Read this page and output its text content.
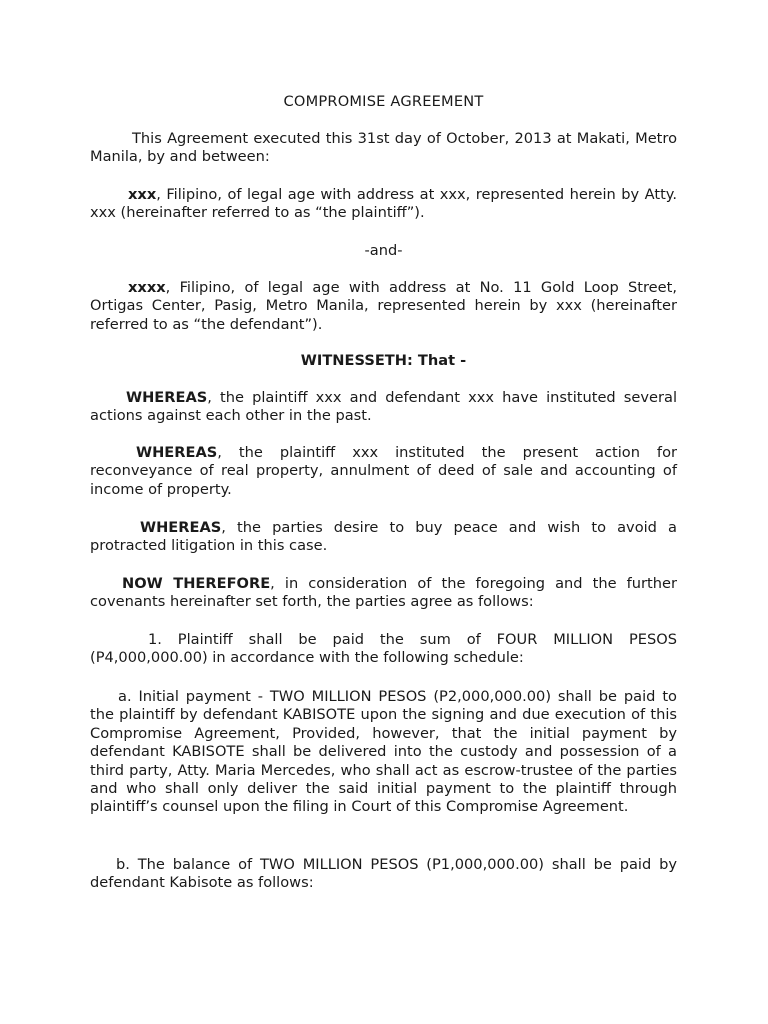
COMPROMISE AGREEMENT

This Agreement executed this 31st day of October, 2013 at Makati, Metro Manila, by and between:

xxx, Filipino, of legal age with address at xxx, represented herein by Atty. xxx (hereinafter referred to as “the plaintiff”).

-and-

xxxx, Filipino, of legal age with address at No. 11 Gold Loop Street, Ortigas Center, Pasig, Metro Manila, represented herein by xxx (hereinafter referred to as “the defendant”).

WITNESSETH: That -

WHEREAS, the plaintiff xxx and defendant xxx have instituted several actions against each other in the past.

WHEREAS, the plaintiff xxx instituted the present action for reconveyance of real property, annulment of deed of sale and accounting of income of property.

WHEREAS, the parties desire to buy peace and wish to avoid a protracted litigation in this case.

NOW THEREFORE, in consideration of the foregoing and the further covenants hereinafter set forth, the parties agree as follows:

1. Plaintiff shall be paid the sum of FOUR MILLION PESOS (P4,000,000.00) in accordance with the following schedule:

a. Initial payment - TWO MILLION PESOS (P2,000,000.00) shall be paid to the plaintiff by defendant KABISOTE upon the signing and due execution of this Compromise Agreement, Provided, however, that the initial payment by defendant KABISOTE shall be delivered into the custody and possession of a third party, Atty. Maria Mercedes, who shall act as escrow-trustee of the parties and who shall only deliver the said initial payment to the plaintiff through plaintiff’s counsel upon the filing in Court of this Compromise Agreement.

b. The balance of TWO MILLION PESOS (P1,000,000.00) shall be paid by defendant Kabisote as follows:
